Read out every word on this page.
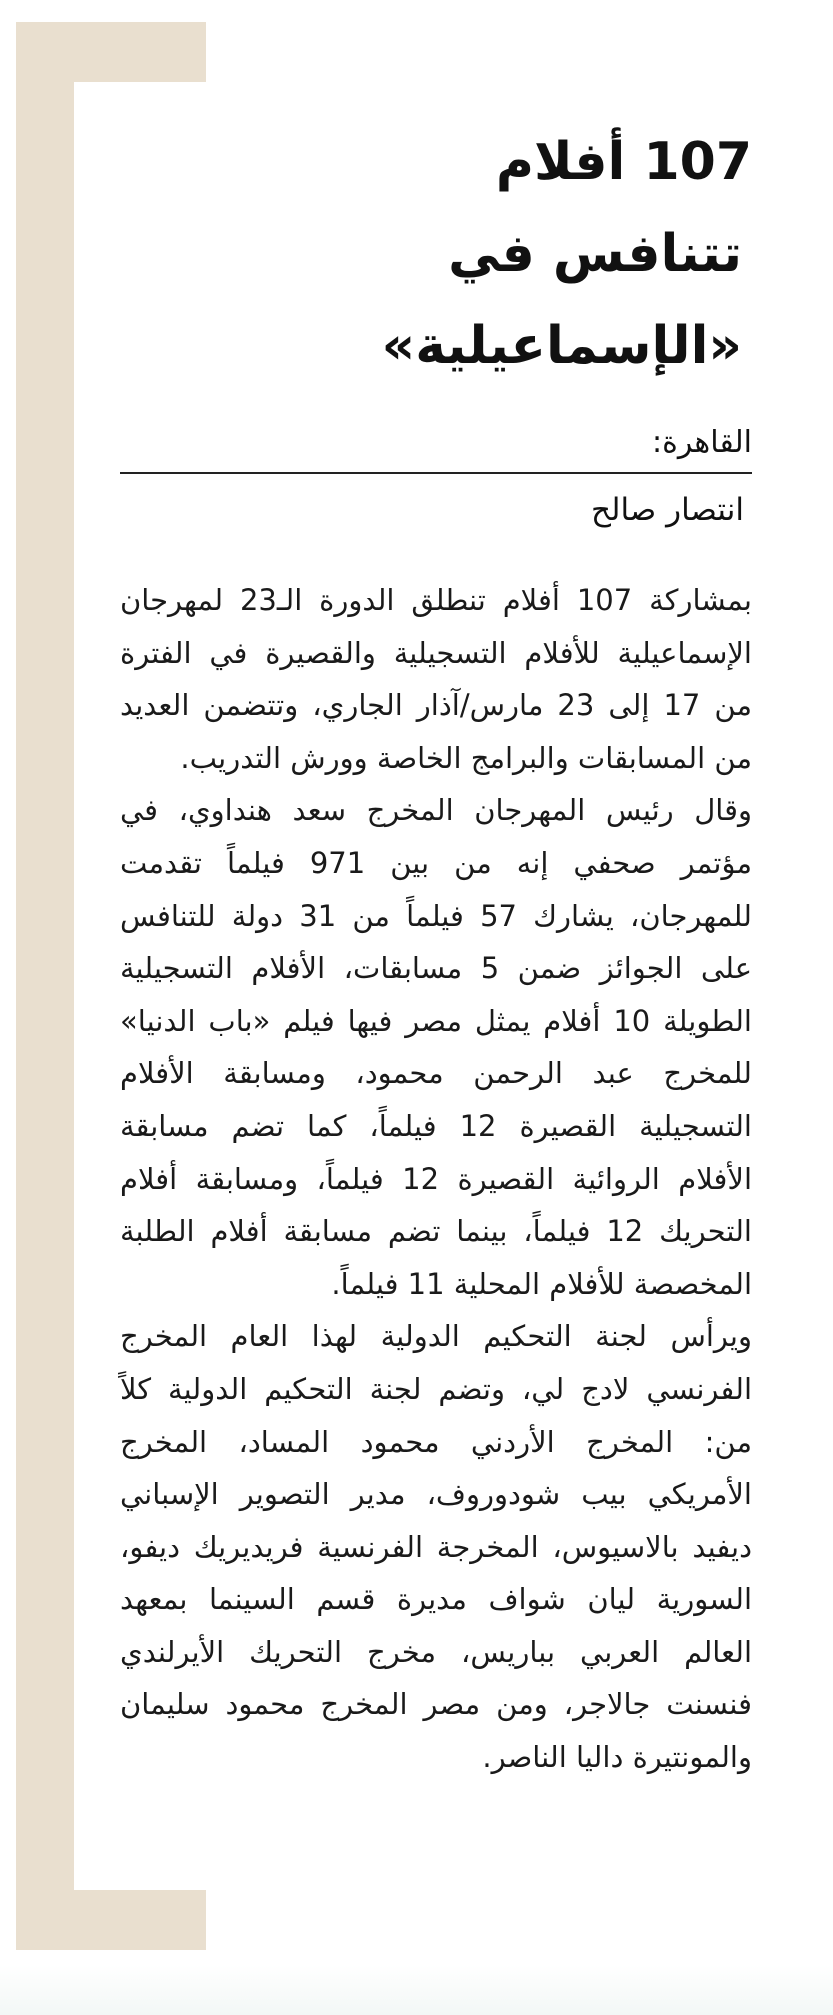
107 أفلام
تتنافس في «الإسماعيلية»
القاهرة:
انتصار صالح

بمشاركة 107 أفلام تنطلق الدورة الـ23 لمهرجان الإسماعيلية للأفلام التسجيلية والقصيرة في الفترة من 17 إلى 23 مارس/آذار الجاري، وتتضمن العديد من المسابقات والبرامج الخاصة وورش التدريب.

وقال رئيس المهرجان المخرج سعد هنداوي، في مؤتمر صحفي إنه من بين 971 فيلماً تقدمت للمهرجان، يشارك 57 فيلماً من 31 دولة للتنافس على الجوائز ضمن 5 مسابقات، الأفلام التسجيلية الطويلة 10 أفلام يمثل مصر فيها فيلم «باب الدنيا» للمخرج عبد الرحمن محمود، ومسابقة الأفلام التسجيلية القصيرة 12 فيلماً، كما تضم مسابقة الأفلام الروائية القصيرة 12 فيلماً، ومسابقة أفلام التحريك 12 فيلماً، بينما تضم مسابقة أفلام الطلبة المخصصة للأفلام المحلية 11 فيلماً.

ويرأس لجنة التحكيم الدولية لهذا العام المخرج الفرنسي لادج لي، وتضم لجنة التحكيم الدولية كلاً من: المخرج الأردني محمود المساد، المخرج الأمريكي بيب شودوروف، مدير التصوير الإسباني ديفيد بالاسيوس، المخرجة الفرنسية فريديريك ديفو، السورية ليان شواف مديرة قسم السينما بمعهد العالم العربي بباريس، مخرج التحريك الأيرلندي فنسنت جالاجر، ومن مصر المخرج محمود سليمان والمونتيرة داليا الناصر.
